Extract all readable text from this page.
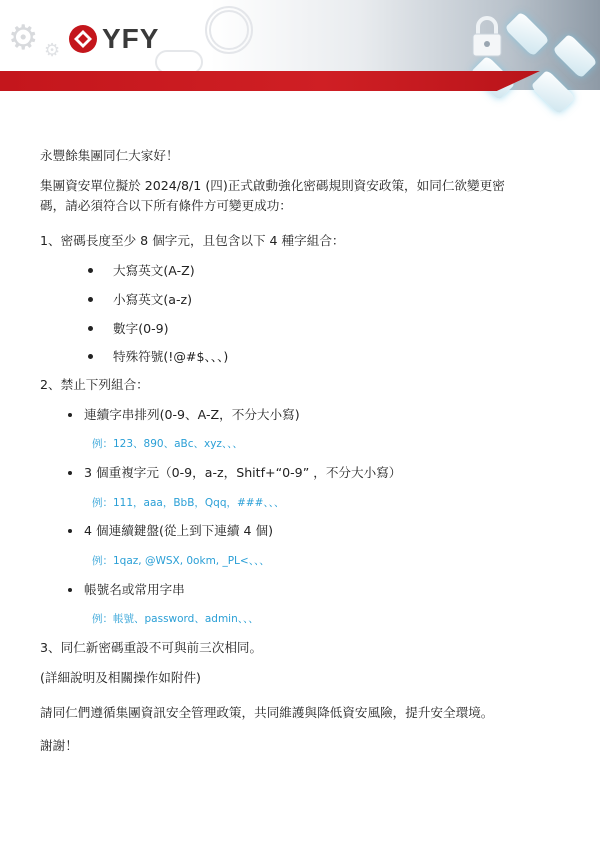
⚙ ⚙ YFY

永豐餘集團同仁大家好！

集團資安單位擬於 2024/8/1 (四)正式啟動強化密碼規則資安政策，如同仁欲變更密

碼，請必須符合以下所有條件方可變更成功：

1、密碼長度至少 8 個字元，且包含以下 4 種字組合：

大寫英文(A-Z)
小寫英文(a-z)
數字(0-9)
特殊符號(!@#$、、、)

2、禁止下列組合：

連續字串排列(0-9、A-Z，不分大小寫)
例：123、890、aBc、xyz、、、
3 個重複字元（0-9，a-z，Shitf+“0-9” ，不分大小寫）
例：111，aaa，BbB，Qqq，###、、、
4 個連續鍵盤(從上到下連續 4 個)
例：1qaz, @WSX, 0okm, _PL<、、、
帳號名或常用字串
例：帳號、password、admin、、、

3、同仁新密碼重設不可與前三次相同。

(詳細說明及相關操作如附件)

請同仁們遵循集團資訊安全管理政策，共同維護與降低資安風險，提升安全環境。

謝謝！
